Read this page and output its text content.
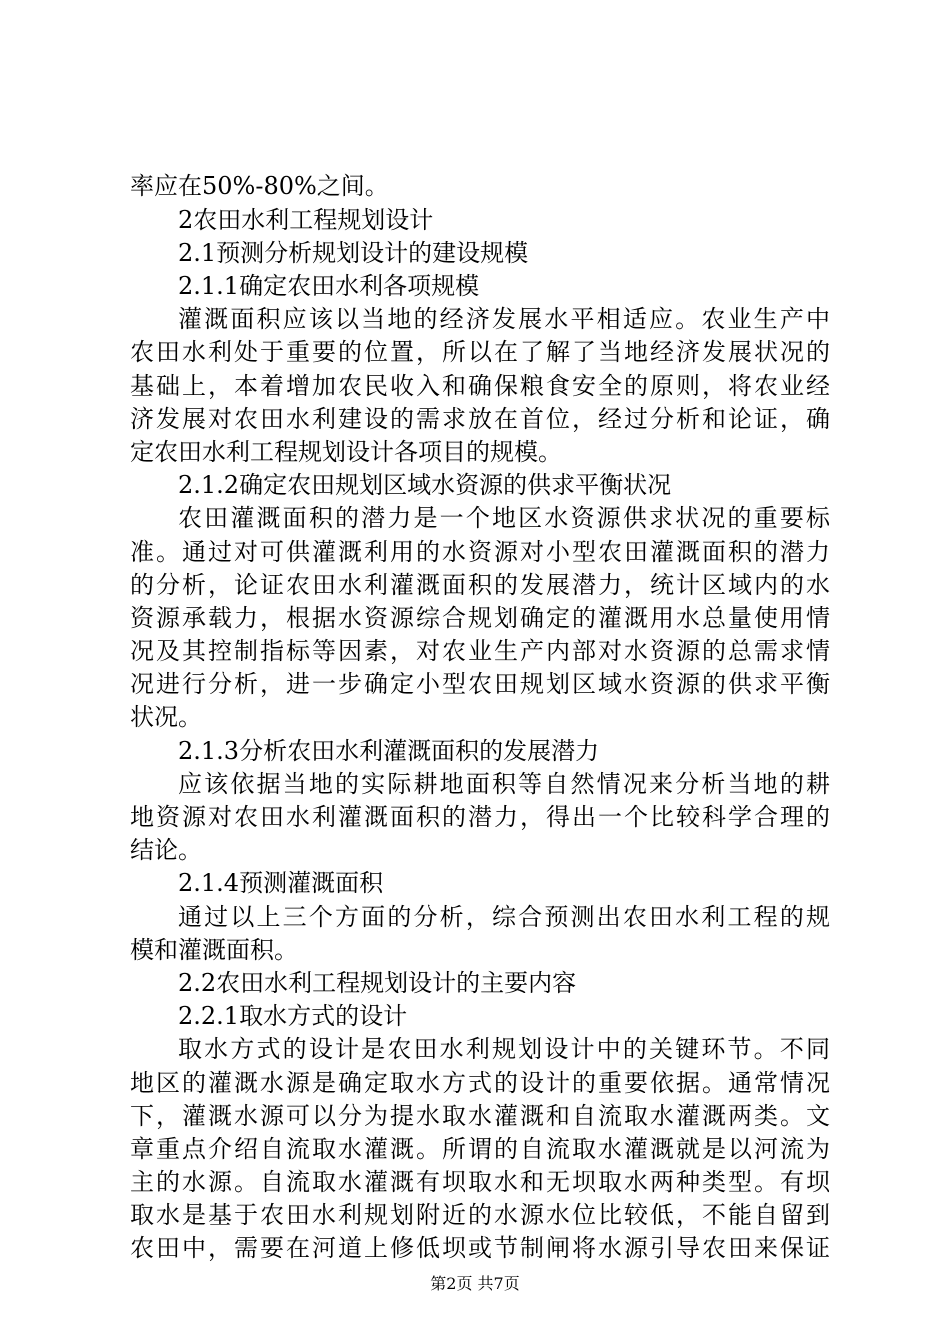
率应在50%-80%之间。
2农田水利工程规划设计
2.1预测分析规划设计的建设规模
2.1.1确定农田水利各项规模
灌溉面积应该以当地的经济发展水平相适应。农业生产中
农田水利处于重要的位置，所以在了解了当地经济发展状况的
基础上，本着增加农民收入和确保粮食安全的原则，将农业经
济发展对农田水利建设的需求放在首位，经过分析和论证，确
定农田水利工程规划设计各项目的规模。
2.1.2确定农田规划区域水资源的供求平衡状况
农田灌溉面积的潜力是一个地区水资源供求状况的重要标
准。通过对可供灌溉利用的水资源对小型农田灌溉面积的潜力
的分析，论证农田水利灌溉面积的发展潜力，统计区域内的水
资源承载力，根据水资源综合规划确定的灌溉用水总量使用情
况及其控制指标等因素，对农业生产内部对水资源的总需求情
况进行分析，进一步确定小型农田规划区域水资源的供求平衡
状况。
2.1.3分析农田水利灌溉面积的发展潜力
应该依据当地的实际耕地面积等自然情况来分析当地的耕
地资源对农田水利灌溉面积的潜力，得出一个比较科学合理的
结论。
2.1.4预测灌溉面积
通过以上三个方面的分析，综合预测出农田水利工程的规
模和灌溉面积。
2.2农田水利工程规划设计的主要内容
2.2.1取水方式的设计
取水方式的设计是农田水利规划设计中的关键环节。不同
地区的灌溉水源是确定取水方式的设计的重要依据。通常情况
下，灌溉水源可以分为提水取水灌溉和自流取水灌溉两类。文
章重点介绍自流取水灌溉。所谓的自流取水灌溉就是以河流为
主的水源。自流取水灌溉有坝取水和无坝取水两种类型。有坝
取水是基于农田水利规划附近的水源水位比较低，不能自留到
农田中，需要在河道上修低坝或节制闸将水源引导农田来保证
第2页 共7页
